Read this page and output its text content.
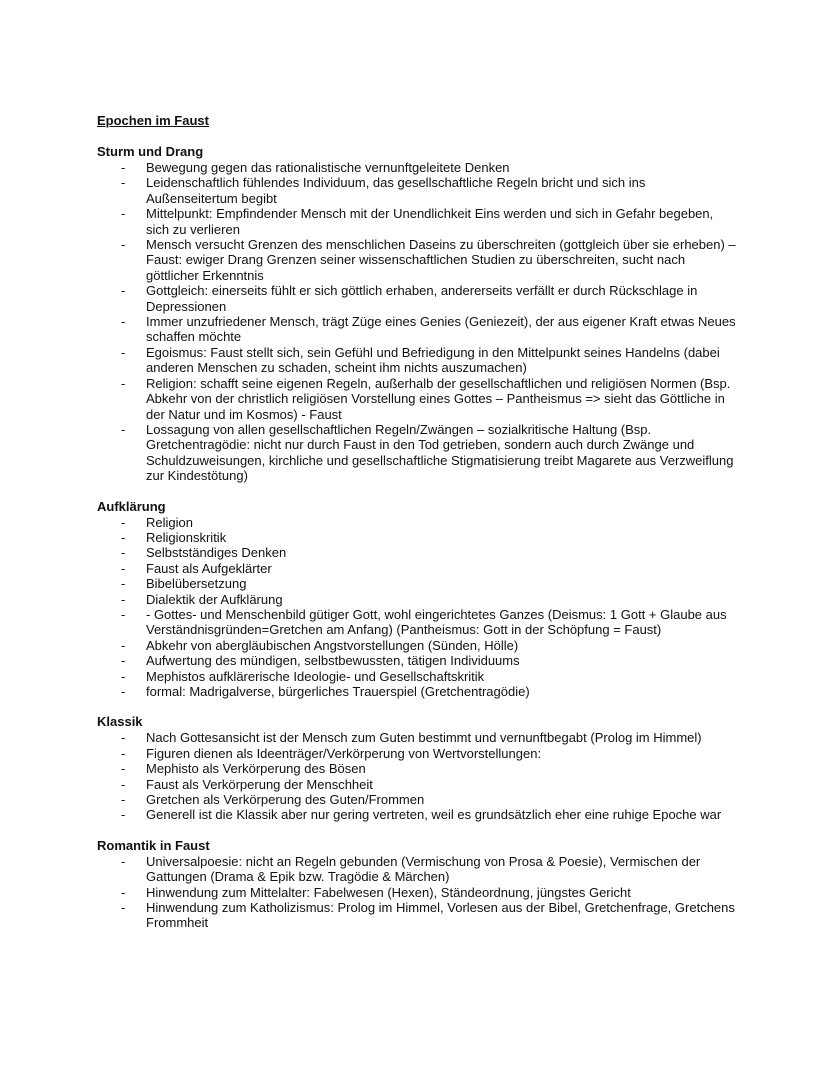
Epochen im Faust
Sturm und Drang
- Bewegung gegen das rationalistische vernunftgeleitete Denken
- Leidenschaftlich fühlendes Individuum, das gesellschaftliche Regeln bricht und sich ins Außenseitertum begibt
- Mittelpunkt: Empfindender Mensch mit der Unendlichkeit Eins werden und sich in Gefahr begeben, sich zu verlieren
- Mensch versucht Grenzen des menschlichen Daseins zu überschreiten (gottgleich über sie erheben) – Faust: ewiger Drang Grenzen seiner wissenschaftlichen Studien zu überschreiten, sucht nach göttlicher Erkenntnis
- Gottgleich: einerseits fühlt er sich göttlich erhaben, andererseits verfällt er durch Rückschlage in Depressionen
- Immer unzufriedener Mensch, trägt Züge eines Genies (Geniezeit), der aus eigener Kraft etwas Neues schaffen möchte
- Egoismus: Faust stellt sich, sein Gefühl und Befriedigung in den Mittelpunkt seines Handelns (dabei anderen Menschen zu schaden, scheint ihm nichts auszumachen)
- Religion: schafft seine eigenen Regeln, außerhalb der gesellschaftlichen und religiösen Normen (Bsp. Abkehr von der christlich religiösen Vorstellung eines Gottes – Pantheismus => sieht das Göttliche in der Natur und im Kosmos) - Faust
- Lossagung von allen gesellschaftlichen Regeln/Zwängen – sozialkritische Haltung (Bsp. Gretchentragödie: nicht nur durch Faust in den Tod getrieben, sondern auch durch Zwänge und Schuldzuweisungen, kirchliche und gesellschaftliche Stigmatisierung treibt Magarete aus Verzweiflung zur Kindestötung)
Aufklärung
- Religion
- Religionskritik
- Selbstständiges Denken
- Faust als Aufgeklärter
- Bibelübersetzung
- Dialektik der Aufklärung
- - Gottes- und Menschenbild gütiger Gott, wohl eingerichtetes Ganzes (Deismus: 1 Gott + Glaube aus Verständnisgründen=Gretchen am Anfang) (Pantheismus: Gott in der Schöpfung = Faust)
- Abkehr von abergläubischen Angstvorstellungen (Sünden, Hölle)
- Aufwertung des mündigen, selbstbewussten, tätigen Individuums
- Mephistos aufklärerische Ideologie- und Gesellschaftskritik
- formal: Madrigalverse, bürgerliches Trauerspiel (Gretchentragödie)
Klassik
- Nach Gottesansicht ist der Mensch zum Guten bestimmt und vernunftbegabt (Prolog im Himmel)
- Figuren dienen als Ideenträger/Verkörperung von Wertvorstellungen:
- Mephisto als Verkörperung des Bösen
- Faust als Verkörperung der Menschheit
- Gretchen als Verkörperung des Guten/Frommen
- Generell ist die Klassik aber nur gering vertreten, weil es grundsätzlich eher eine ruhige Epoche war
Romantik in Faust
- Universalpoesie: nicht an Regeln gebunden (Vermischung von Prosa & Poesie), Vermischen der Gattungen (Drama & Epik bzw. Tragödie & Märchen)
- Hinwendung zum Mittelalter: Fabelwesen (Hexen), Ständeordnung, jüngstes Gericht
- Hinwendung zum Katholizismus: Prolog im Himmel, Vorlesen aus der Bibel, Gretchenfrage, Gretchens Frommheit
